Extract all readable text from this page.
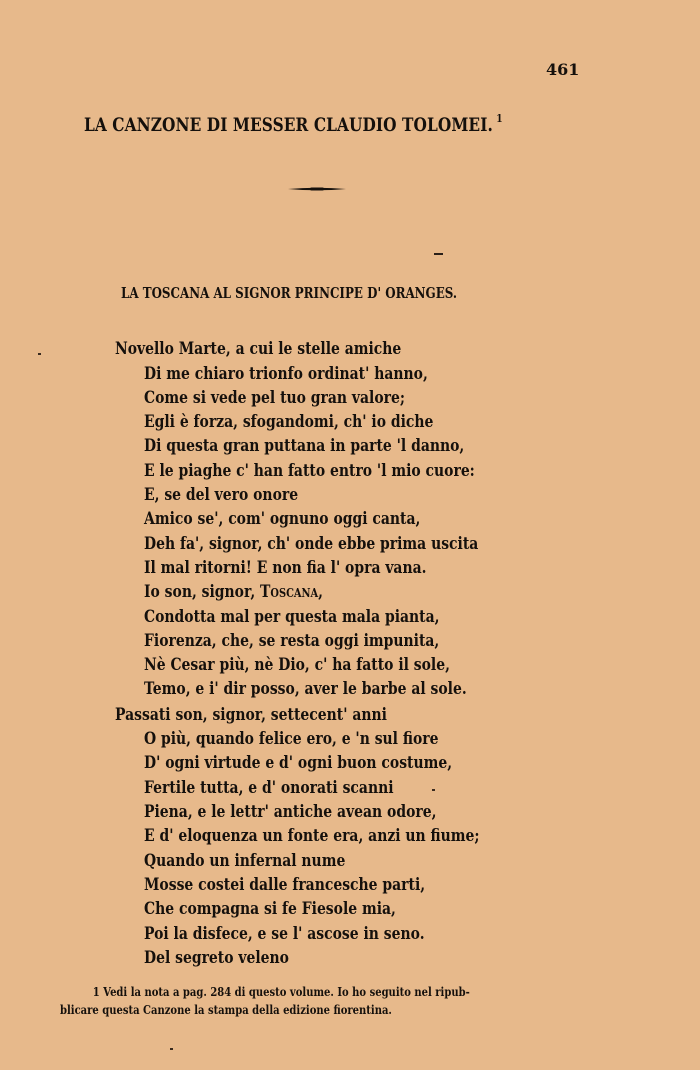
461
LA CANZONE DI MESSER CLAUDIO TOLOMEI. $^1$
LA TOSCANA AL SIGNOR PRINCIPE D' ORANGES.
Novello Marte, a cui le stelle amiche
Di me chiaro trionfo ordinat' hanno,
Come si vede pel tuo gran valore;
Egli è forza, sfogandomi, ch' io diche
Di questa gran puttana in parte 'l danno,
E le piaghe c' han fatto entro 'l mio cuore:
E, se del vero onore
Amico se', com' ognuno oggi canta,
Deh fa', signor, ch' onde ebbe prima uscita
Il mal ritorni! E non fia l' opra vana.
Io son, signor, Toscana,
Condotta mal per questa mala pianta,
Fiorenza, che, se resta oggi impunita,
Nè Cesar più, nè Dio, c' ha fatto il sole,
Temo, e i' dir posso, aver le barbe al sole.
Passati son, signor, settecent' anni
O più, quando felice ero, e 'n sul fiore
D' ogni virtude e d' ogni buon costume,
Fertile tutta, e d' onorati scanni
Piena, e le lettr' antiche avean odore,
E d' eloquenza un fonte era, anzi un fiume;
Quando un infernal nume
Mosse costei dalle francesche parti,
Che compagna si fe Fiesole mia,
Poi la disfece, e se l' ascose in seno.
Del segreto veleno
1 Vedi la nota a pag. 284 di questo volume. Io ho seguito nel ripub-
blicare questa Canzone la stampa della edizione fiorentina.
